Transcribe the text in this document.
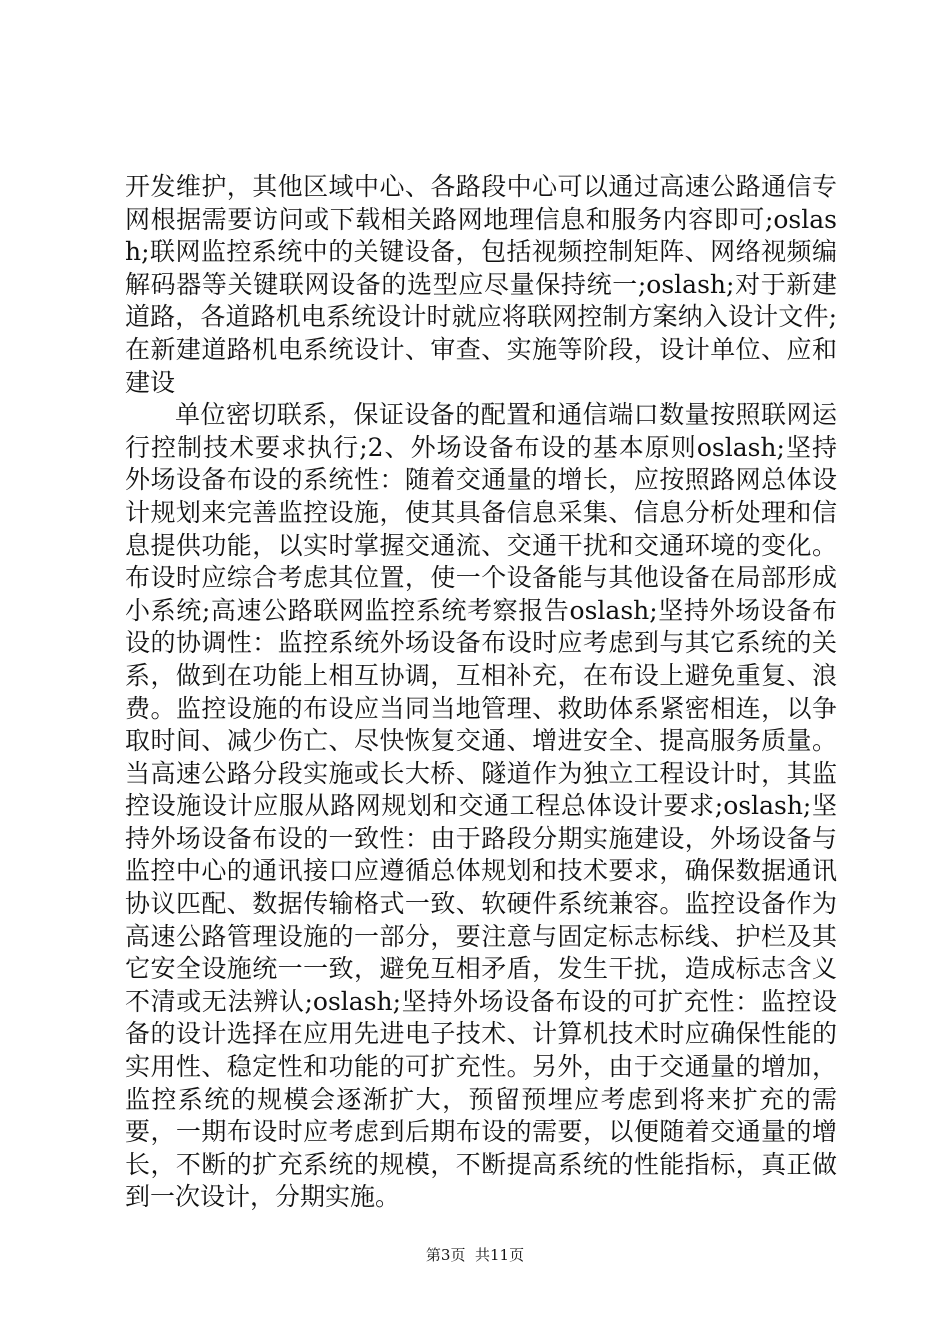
开发维护，其他区域中心、各路段中心可以通过高速公路通信专网根据需要访问或下载相关路网地理信息和服务内容即可;oslash;联网监控系统中的关键设备，包括视频控制矩阵、网络视频编解码器等关键联网设备的选型应尽量保持统一;oslash;对于新建道路，各道路机电系统设计时就应将联网控制方案纳入设计文件;在新建道路机电系统设计、审查、实施等阶段，设计单位、应和建设

单位密切联系，保证设备的配置和通信端口数量按照联网运行控制技术要求执行;2、外场设备布设的基本原则oslash;坚持外场设备布设的系统性：随着交通量的增长，应按照路网总体设计规划来完善监控设施，使其具备信息采集、信息分析处理和信息提供功能，以实时掌握交通流、交通干扰和交通环境的变化。布设时应综合考虑其位置，使一个设备能与其他设备在局部形成小系统;高速公路联网监控系统考察报告oslash;坚持外场设备布设的协调性：监控系统外场设备布设时应考虑到与其它系统的关系，做到在功能上相互协调，互相补充，在布设上避免重复、浪费。监控设施的布设应当同当地管理、救助体系紧密相连，以争取时间、减少伤亡、尽快恢复交通、增进安全、提高服务质量。当高速公路分段实施或长大桥、隧道作为独立工程设计时，其监控设施设计应服从路网规划和交通工程总体设计要求;oslash;坚持外场设备布设的一致性：由于路段分期实施建设，外场设备与监控中心的通讯接口应遵循总体规划和技术要求，确保数据通讯协议匹配、数据传输格式一致、软硬件系统兼容。监控设备作为高速公路管理设施的一部分，要注意与固定标志标线、护栏及其它安全设施统一一致，避免互相矛盾，发生干扰，造成标志含义不清或无法辨认;oslash;坚持外场设备布设的可扩充性：监控设备的设计选择在应用先进电子技术、计算机技术时应确保性能的实用性、稳定性和功能的可扩充性。另外，由于交通量的增加，监控系统的规模会逐渐扩大，预留预埋应考虑到将来扩充的需要，一期布设时应考虑到后期布设的需要，以便随着交通量的增长，不断的扩充系统的规模，不断提高系统的性能指标，真正做到一次设计，分期实施。

第3页  共11页
